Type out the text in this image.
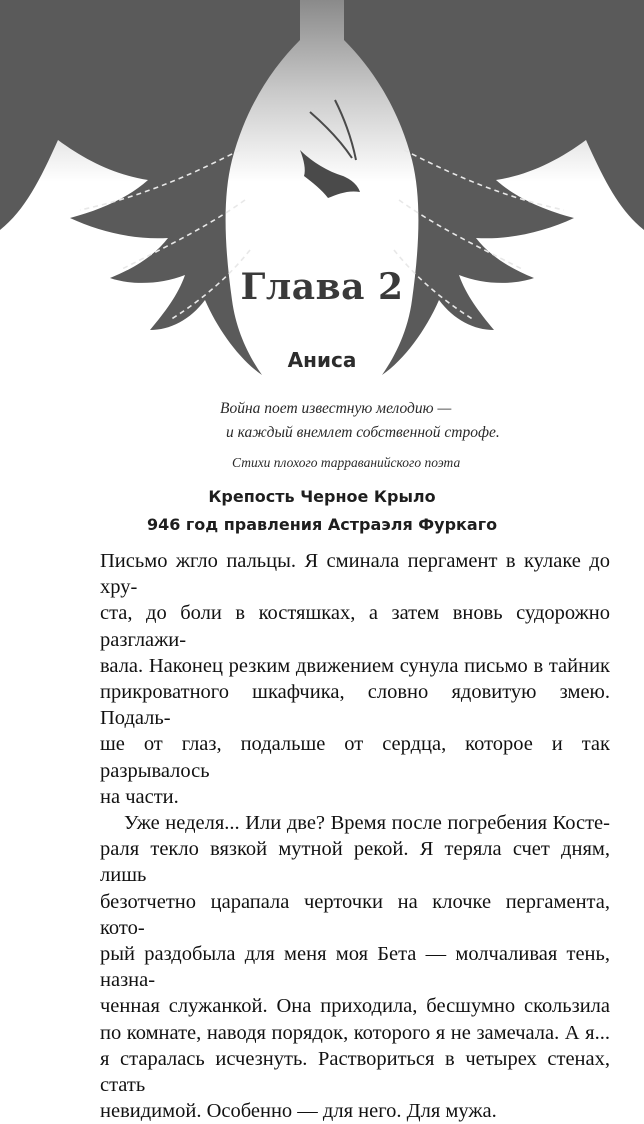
Глава 2
Аниса
Война поет известную мелодию —
и каждый внемлет собственной строфе.
Стихи плохого тарраванийского поэта
Крепость Черное Крыло
946 год правления Астраэля Фуркаго
Письмо жгло пальцы. Я сминала пергамент в кулаке до хру-
ста, до боли в костяшках, а затем вновь судорожно разглажи-
вала. Наконец резким движением сунула письмо в тайник
прикроватного шкафчика, словно ядовитую змею. Подаль-
ше от глаз, подальше от сердца, которое и так разрывалось
на части.
Уже неделя... Или две? Время после погребения Косте-
раля текло вязкой мутной рекой. Я теряла счет дням, лишь
безотчетно царапала черточки на клочке пергамента, кото-
рый раздобыла для меня моя Бета — молчаливая тень, назна-
ченная служанкой. Она приходила, бесшумно скользила
по комнате, наводя порядок, которого я не замечала. А я...
я старалась исчезнуть. Раствориться в четырех стенах, стать
невидимой. Особенно — для него. Для мужа.
